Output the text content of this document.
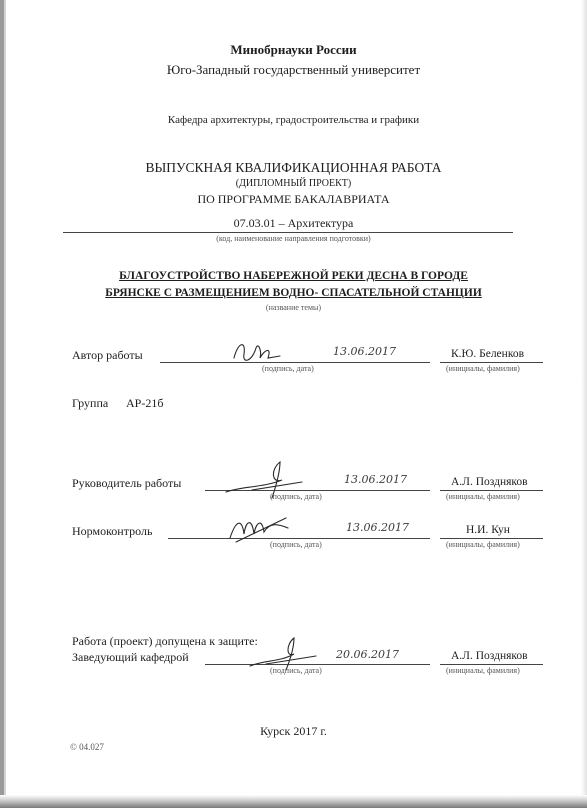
Минобрнауки России
Юго-Западный государственный университет
Кафедра архитектуры, градостроительства и графики
ВЫПУСКНАЯ КВАЛИФИКАЦИОННАЯ РАБОТА
(ДИПЛОМНЫЙ ПРОЕКТ)
ПО ПРОГРАММЕ БАКАЛАВРИАТА
07.03.01 – Архитектура
(код, наименование направления подготовки)
БЛАГОУСТРОЙСТВО НАБЕРЕЖНОЙ РЕКИ ДЕСНА В ГОРОДЕ
БРЯНСКЕ С РАЗМЕЩЕНИЕМ ВОДНО- СПАСАТЕЛЬНОЙ СТАНЦИИ
(название темы)
Автор работы	13.06.2017
(подпись, дата)
К.Ю. Беленков
(инициалы, фамилия)
Группа АР-21б
Руководитель работы	13.06.2017
(подпись, дата)
А.Л. Поздняков
(инициалы, фамилия)
Нормоконтроль	13.06.2017
(подпись, дата)
Н.И. Кун
(инициалы, фамилия)
Работа (проект) допущена к защите:
Заведующий кафедрой	20.06.2017
(подпись, дата)
А.Л. Поздняков
(инициалы, фамилия)
Курск 2017 г.
© 04.027
